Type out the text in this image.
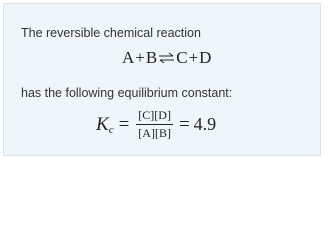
The reversible chemical reaction
A + B ⇌ C + D
has the following equilibrium constant:
K $c = \frac{[C][D]}{[A][B]} = 4.9$
